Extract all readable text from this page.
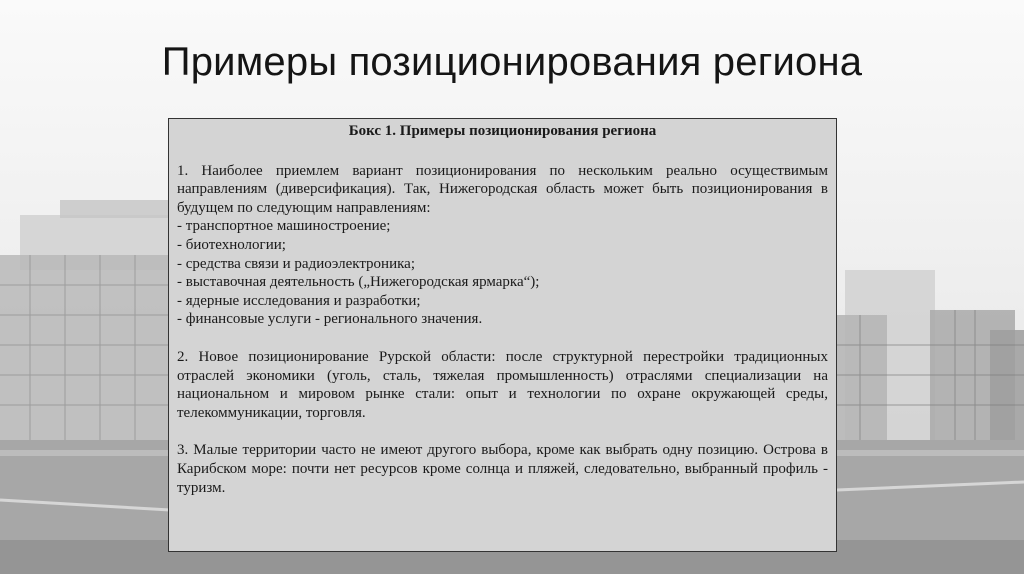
Примеры позиционирования региона
Бокс 1. Примеры позиционирования региона
1. Наиболее приемлем вариант позиционирования по нескольким реально осуществимым направлениям (диверсификация). Так, Нижегородская область может быть позиционирования в будущем по следующим направлениям:
- транспортное машиностроение;
- биотехнологии;
- средства связи и радиоэлектроника;
- выставочная деятельность („Нижегородская ярмарка“);
- ядерные исследования и разработки;
- финансовые услуги - регионального значения.
2. Новое позиционирование Рурской области: после структурной перестройки традиционных отраслей экономики (уголь, сталь, тяжелая промышленность) отраслями специализации на национальном и мировом рынке стали: опыт и технологии по охране окружающей среды, телекоммуникации, торговля.
3. Малые территории часто не имеют другого выбора, кроме как выбрать одну позицию. Острова в Карибском море: почти нет ресурсов кроме солнца и пляжей, следовательно, выбранный профиль - туризм.
